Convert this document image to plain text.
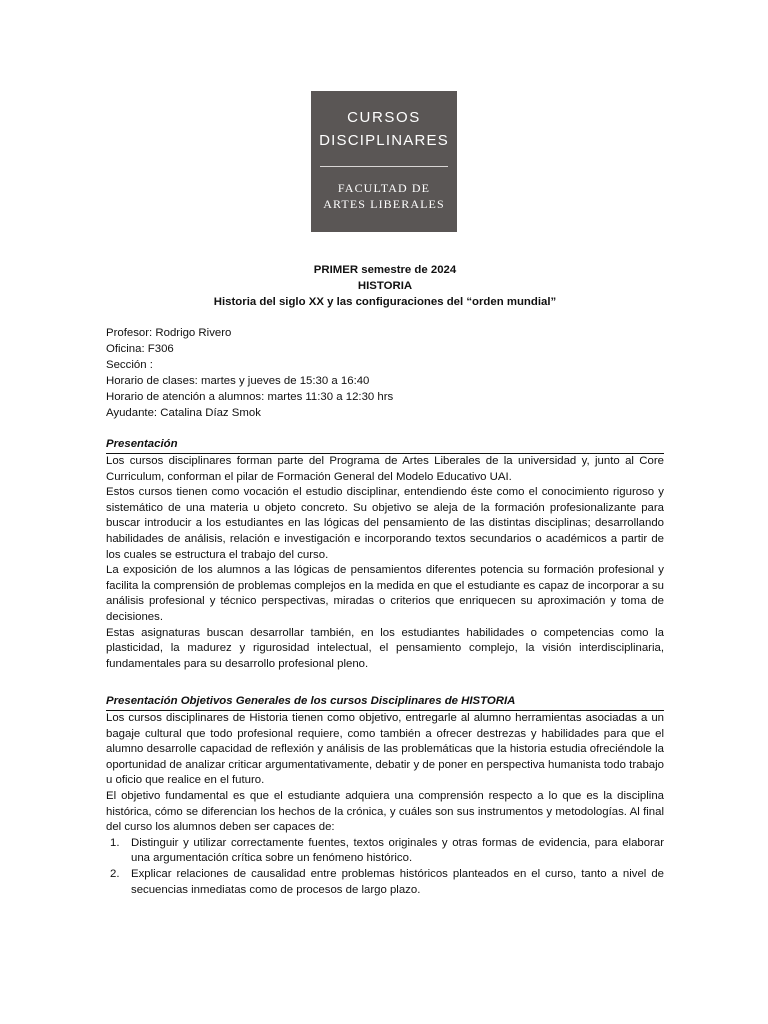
CURSOS
DISCIPLINARES
FACULTAD DE
ARTES LIBERALES
PRIMER semestre de 2024
HISTORIA
Historia del siglo XX y las configuraciones del “orden mundial”
Profesor: Rodrigo Rivero
Oficina: F306
Sección :
Horario de clases: martes y jueves de 15:30 a 16:40
Horario de atención a alumnos: martes 11:30 a 12:30 hrs
Ayudante: Catalina Díaz Smok
Presentación

Los cursos disciplinares forman parte del Programa de Artes Liberales de la universidad y, junto al Core Curriculum, conforman el pilar de Formación General del Modelo Educativo UAI.

Estos cursos tienen como vocación el estudio disciplinar, entendiendo éste como el conocimiento riguroso y sistemático de una materia u objeto concreto. Su objetivo se aleja de la formación profesionalizante para buscar introducir a los estudiantes en las lógicas del pensamiento de las distintas disciplinas; desarrollando habilidades de análisis, relación e investigación e incorporando textos secundarios o académicos a partir de los cuales se estructura el trabajo del curso.

La exposición de los alumnos a las lógicas de pensamientos diferentes potencia su formación profesional y facilita la comprensión de problemas complejos en la medida en que el estudiante es capaz de incorporar a su análisis profesional y técnico perspectivas, miradas o criterios que enriquecen su aproximación y toma de decisiones.

Estas asignaturas buscan desarrollar también, en los estudiantes habilidades o competencias como la plasticidad, la madurez y rigurosidad intelectual, el pensamiento complejo, la visión interdisciplinaria, fundamentales para su desarrollo profesional pleno.

Presentación Objetivos Generales de los cursos Disciplinares de HISTORIA

Los cursos disciplinares de Historia tienen como objetivo, entregarle al alumno herramientas asociadas a un bagaje cultural que todo profesional requiere, como también a ofrecer destrezas y habilidades para que el alumno desarrolle capacidad de reflexión y análisis de las problemáticas que la historia estudia ofreciéndole la oportunidad de analizar criticar argumentativamente, debatir y de poner en perspectiva humanista todo trabajo u oficio que realice en el futuro.

El objetivo fundamental es que el estudiante adquiera una comprensión respecto a lo que es la disciplina histórica, cómo se diferencian los hechos de la crónica, y cuáles son sus instrumentos y metodologías. Al final del curso los alumnos deben ser capaces de:

1. Distinguir y utilizar correctamente fuentes, textos originales y otras formas de evidencia, para elaborar una argumentación crítica sobre un fenómeno histórico.
2. Explicar relaciones de causalidad entre problemas históricos planteados en el curso, tanto a nivel de secuencias inmediatas como de procesos de largo plazo.
